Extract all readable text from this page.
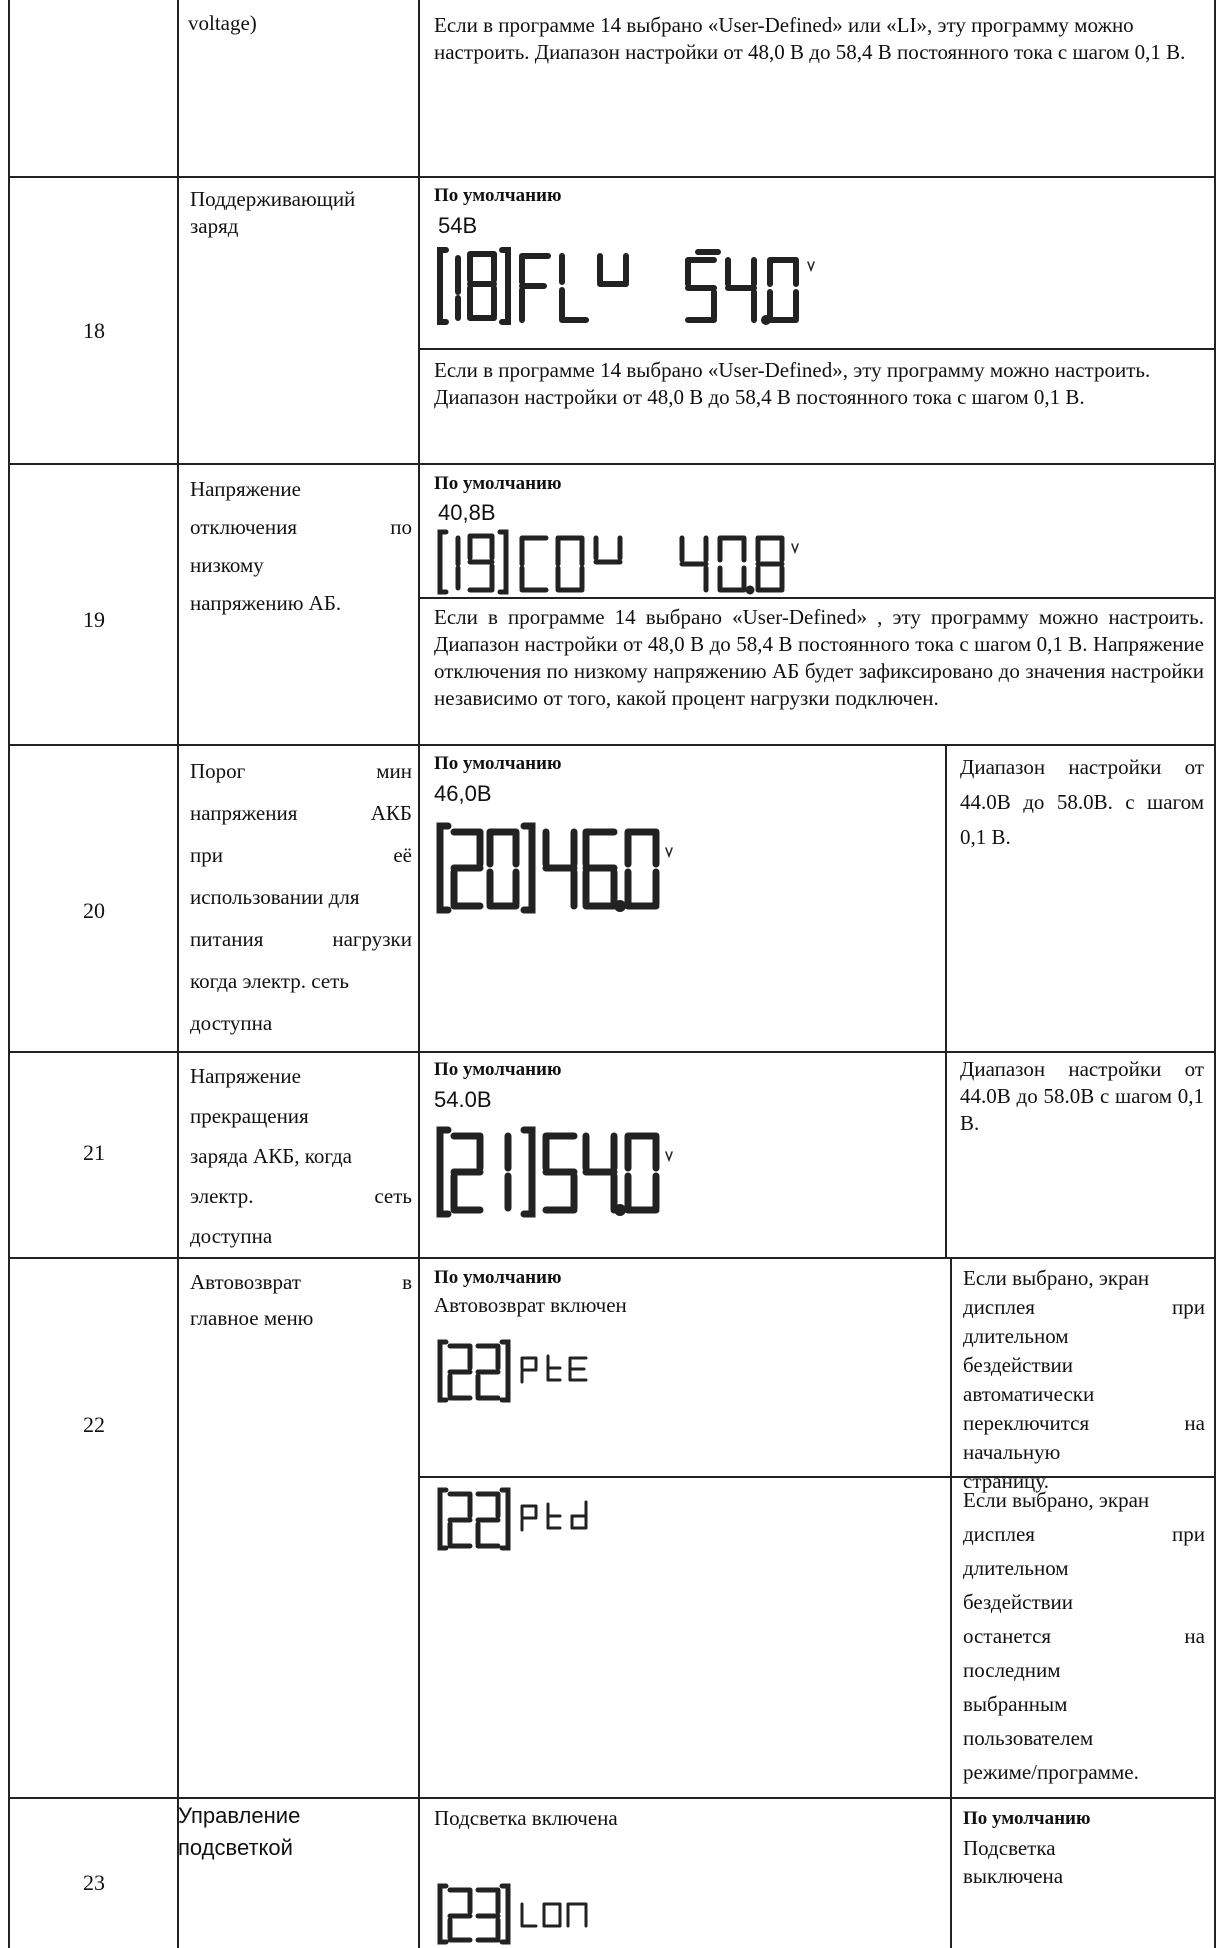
voltage)	Если в программе 14 выбрано «User-Defined» или «LI», эту программу можно настроить. Диапазон настройки от 48,0 В до 58,4 В постоянного тока с шагом 0,1 В.
18
Поддерживающий
заряд
По умолчанию
54В
Если в программе 14 выбрано «User-Defined», эту программу можно настроить. Диапазон настройки от 48,0 В до 58,4 В постоянного тока с шагом 0,1 В.
19
Напряжение
отключения по
низкому
напряжению АБ.
По умолчанию
40,8В
Если в программе 14 выбрано «User-Defined» , эту программу можно настроить. Диапазон настройки от 48,0 В до 58,4 В постоянного тока с шагом 0,1 В. Напряжение отключения по низкому напряжению АБ будет зафиксировано до значения настройки независимо от того, какой процент нагрузки подключен.
20
Порог мин
напряжения АКБ
при её
использовании для
питания нагрузки
когда электр. сеть
доступна
По умолчанию
46,0В
Диапазон настройки от 44.0В до 58.0В. с шагом 0,1 В.
21
Напряжение
прекращения
заряда АКБ, когда
электр. сеть
доступна
По умолчанию
54.0В
Диапазон настройки от 44.0В до 58.0В с шагом 0,1 В.
22
Автовозврат в
главное меню
По умолчанию
Автовозврат включен
Если выбрано, экран
дисплея при
длительном
бездействии
автоматически
переключится на
начальную
страницу.
Если выбрано, экран
дисплея при
длительном
бездействии
останется на
последним
выбранным
пользователем
режиме/программе.
23
Управление
подсветкой
Подсветка включена	По умолчанию
Подсветка
выключена
